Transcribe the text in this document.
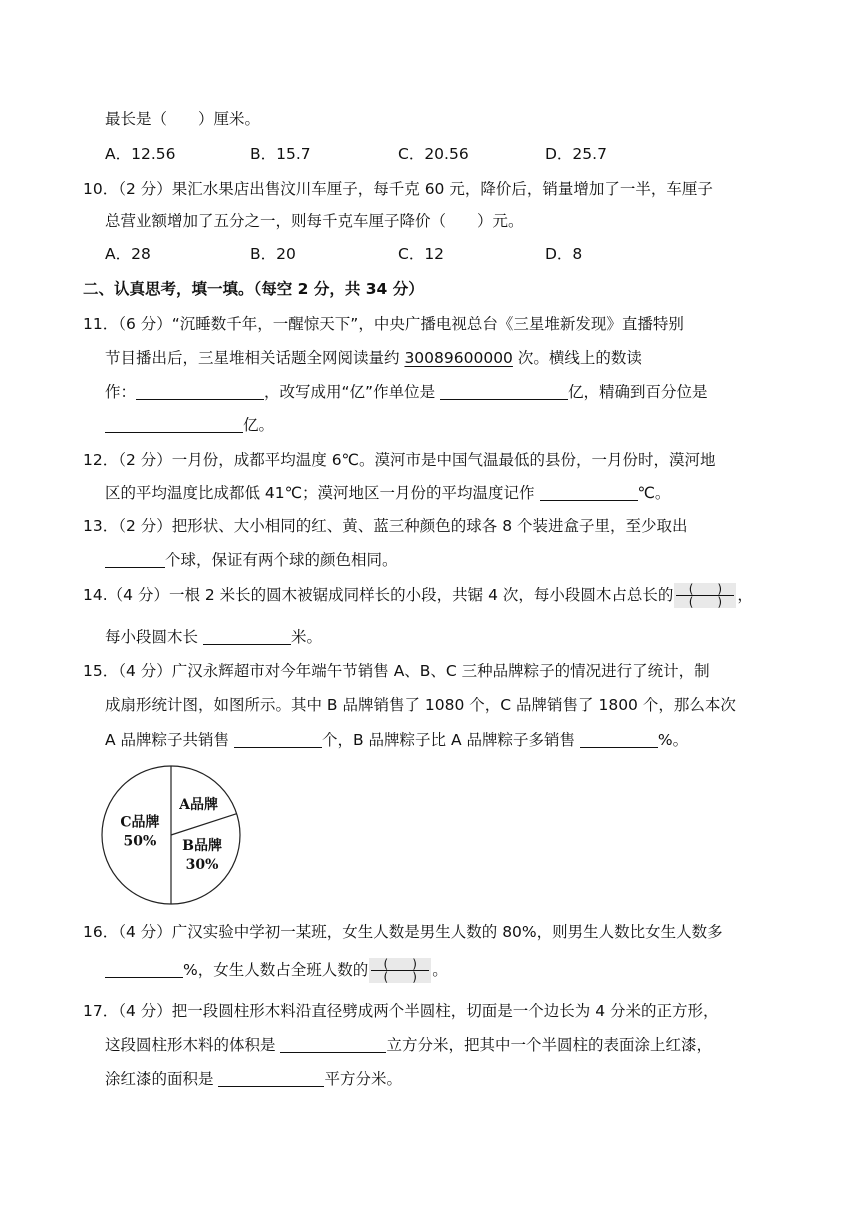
最长是（　　）厘米。
A．12.56	B．15.7	C．20.56	D．25.7
10．（2 分）果汇水果店出售汶川车厘子，每千克 60 元，降价后，销量增加了一半，车厘子
总营业额增加了五分之一，则每千克车厘子降价（　　）元。
A．28	B．20	C．12	D．8
二、认真思考，填一填。（每空 2 分，共 34 分）
11．（6 分）“沉睡数千年，一醒惊天下”，中央广播电视总台《三星堆新发现》直播特别
节目播出后，三星堆相关话题全网阅读量约 30089600000 次。横线上的数读
作：	，改写成用“亿”作单位是	亿，精确到百分位是
亿。
12．（2 分）一月份，成都平均温度 6℃。漠河市是中国气温最低的县份，一月份时，漠河地
区的平均温度比成都低 41℃；漠河地区一月份的平均温度记作	℃。
13．（2 分）把形状、大小相同的红、黄、蓝三种颜色的球各 8 个装进盒子里，至少取出
个球，保证有两个球的颜色相同。
14.（4 分）一根 2 米长的圆木被锯成同样长的小段，共锯 4 次，每小段圆木占总长的 $\frac{( )}{( )}$ ，
每小段圆木长	米。
15．（4 分）广汉永辉超市对今年端午节销售 A、B、C 三种品牌粽子的情况进行了统计，制
成扇形统计图，如图所示。其中 B 品牌销售了 1080 个，C 品牌销售了 1800 个，那么本次
A 品牌粽子共销售	个，B 品牌粽子比 A 品牌粽子多销售	%。
A品牌
B品牌
30%
C品牌
50%
16．（4 分）广汉实验中学初一某班，女生人数是男生人数的 80%，则男生人数比女生人数多
%，女生人数占全班人数的 $\frac{( )}{( )}$ 。
17．（4 分）把一段圆柱形木料沿直径劈成两个半圆柱，切面是一个边长为 4 分米的正方形，
这段圆柱形木料的体积是	立方分米，把其中一个半圆柱的表面涂上红漆，
涂红漆的面积是	平方分米。
